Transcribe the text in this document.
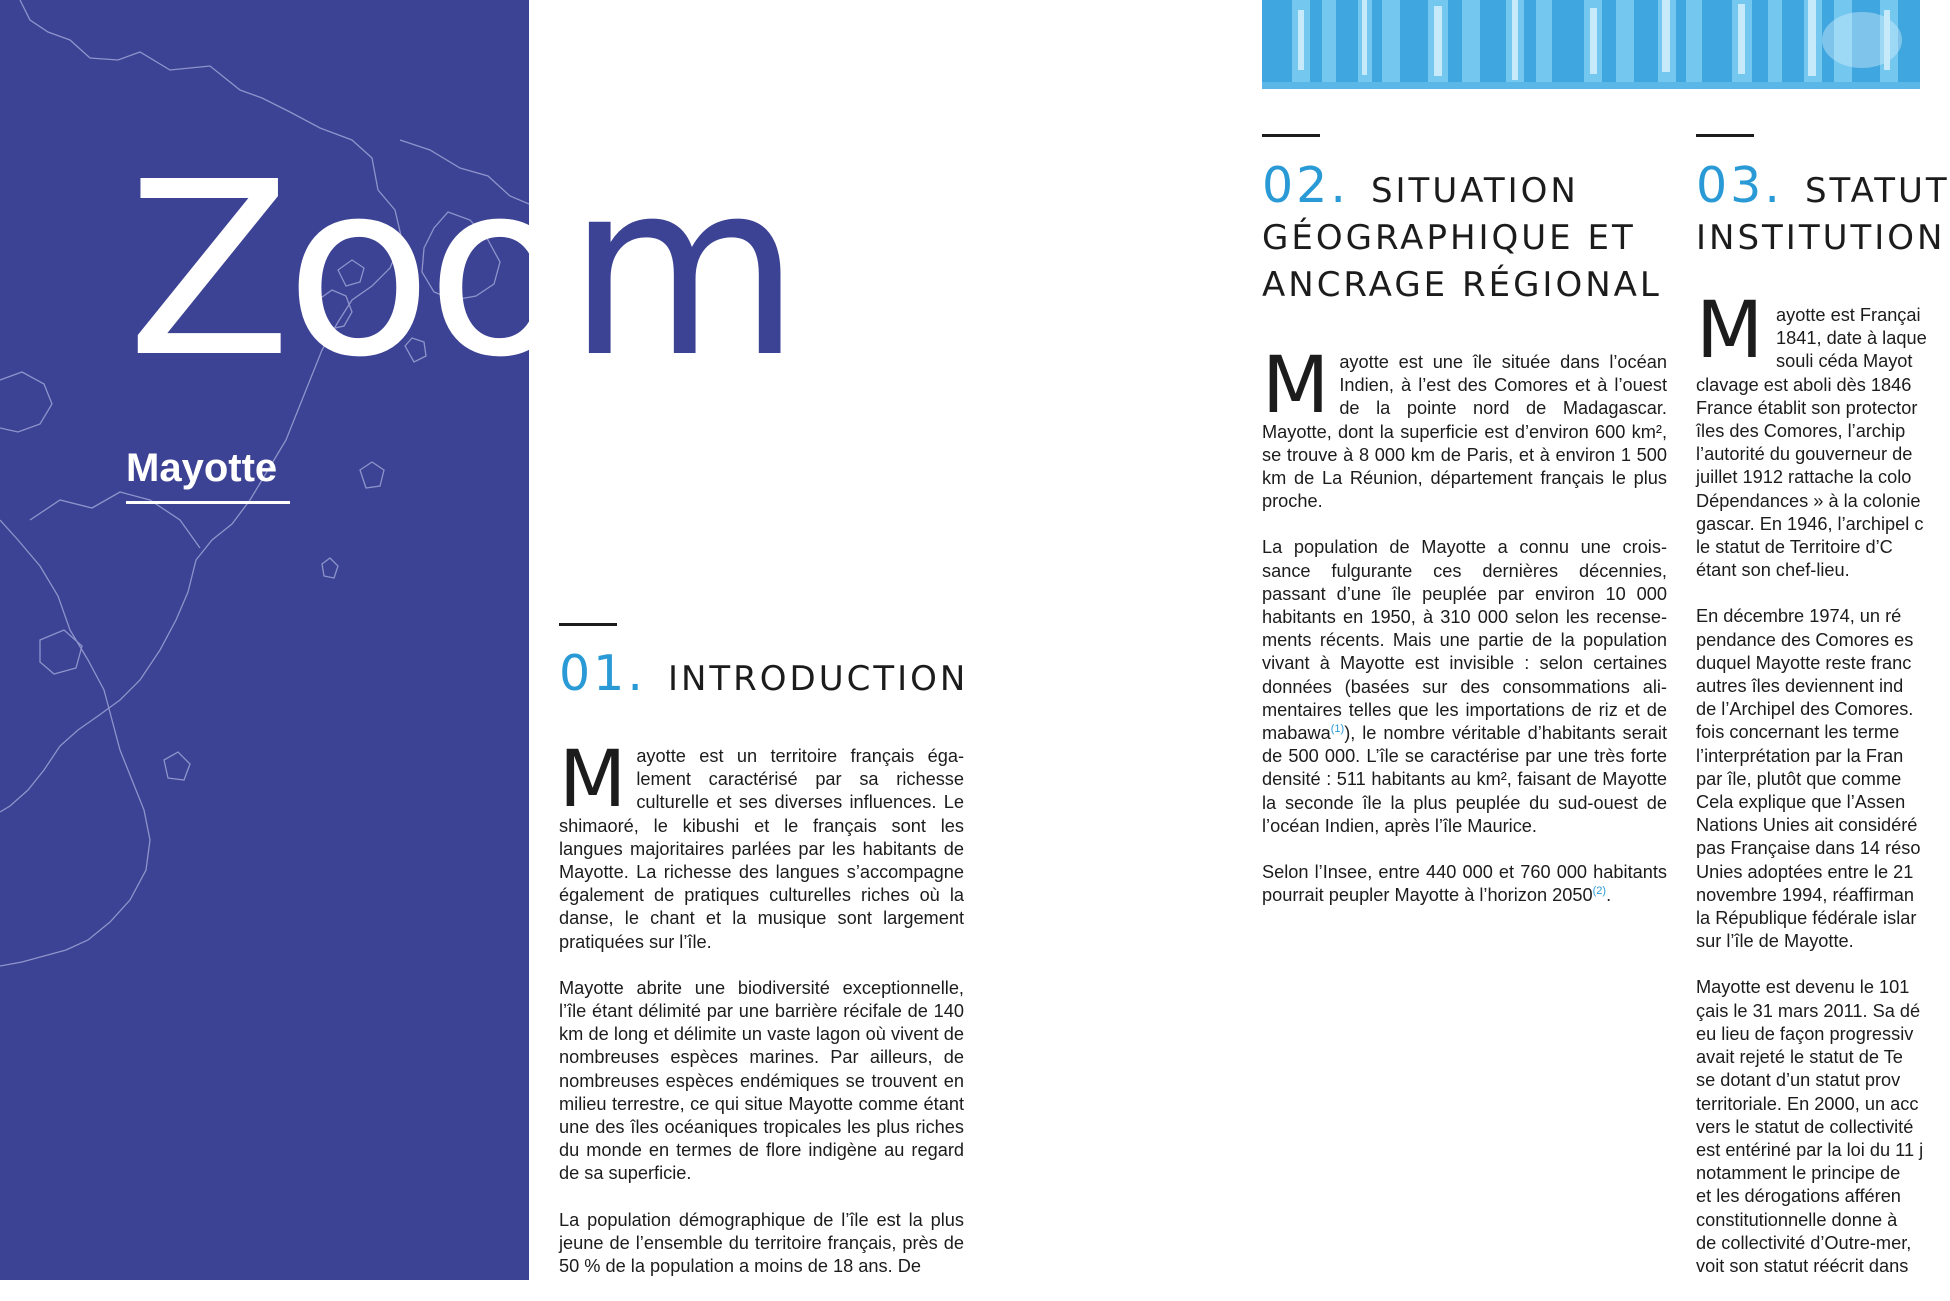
Zoom
Mayotte
01. INTRODUCTION

Mayotte est un territoire français éga-lement caractérisé par sa richesse culturelle et ses diverses influences. Le shimaoré, le kibushi et le français sont les langues majoritaires parlées par les habitants de Mayotte. La richesse des langues s’accompagne également de pratiques culturelles riches où la danse, le chant et la musique sont largement pratiquées sur l’île.

Mayotte abrite une biodiversité exceptionnelle, l’île étant délimité par une barrière récifale de 140 km de long et délimite un vaste lagon où vivent de nombreuses espèces marines. Par ailleurs, de nombreuses espèces endémiques se trouvent en milieu terrestre, ce qui situe Mayotte comme étant une des îles océaniques tropicales les plus riches du monde en termes de flore indigène au regard de sa superficie.

La population démographique de l’île est la plus jeune de l’ensemble du territoire français, près de 50 % de la population a moins de 18 ans. De

02. SITUATION
GÉOGRAPHIQUE ET
ANCRAGE RÉGIONAL

Mayotte est une île située dans l’océan Indien, à l’est des Comores et à l’ouest de la pointe nord de Madagascar. Mayotte, dont la superficie est d’environ 600 km², se trouve à 8 000 km de Paris, et à environ 1 500 km de La Réunion, département français le plus proche.

La population de Mayotte a connu une crois-sance fulgurante ces dernières décennies, passant d’une île peuplée par environ 10 000 habitants en 1950, à 310 000 selon les recense-ments récents. Mais une partie de la population vivant à Mayotte est invisible : selon certaines données (basées sur des consommations ali-mentaires telles que les importations de riz et de mabawa$^{(1)}$), le nombre véritable d’habitants serait de 500 000. L’île se caractérise par une très forte densité : 511 habitants au km², faisant de Mayotte la seconde île la plus peuplée du sud-ouest de l’océan Indien, après l’île Maurice.

Selon l’Insee, entre 440 000 et 760 000 habitants pourrait peupler Mayotte à l’horizon 2050$^{(2)}$.

03. STATUT
INSTITUTION
M ayotte est Françai
1841, date à laque
souli céda Mayot
clavage est aboli dès 1846
France établit son protector
îles des Comores, l’archip
l’autorité du gouverneur de
juillet 1912 rattache la colo
Dépendances » à la colonie
gascar. En 1946, l’archipel c
le statut de Territoire d’C
étant son chef-lieu.
En décembre 1974, un ré
pendance des Comores es
duquel Mayotte reste franc
autres îles deviennent ind
de l’Archipel des Comores.
fois concernant les terme
l’interprétation par la Fran
par île, plutôt que comme
Cela explique que l’Assen
Nations Unies ait considéré
pas Française dans 14 réso
Unies adoptées entre le 21
novembre 1994, réaffirman
la République fédérale islar
sur l’île de Mayotte.
Mayotte est devenu le 101
çais le 31 mars 2011. Sa dé
eu lieu de façon progressiv
avait rejeté le statut de Te
se dotant d’un statut prov
territoriale. En 2000, un acc
vers le statut de collectivité
est entériné par la loi du 11 j
notamment le principe de
et les dérogations afféren
constitutionnelle donne à
de collectivité d’Outre-mer,
voit son statut réécrit dans
